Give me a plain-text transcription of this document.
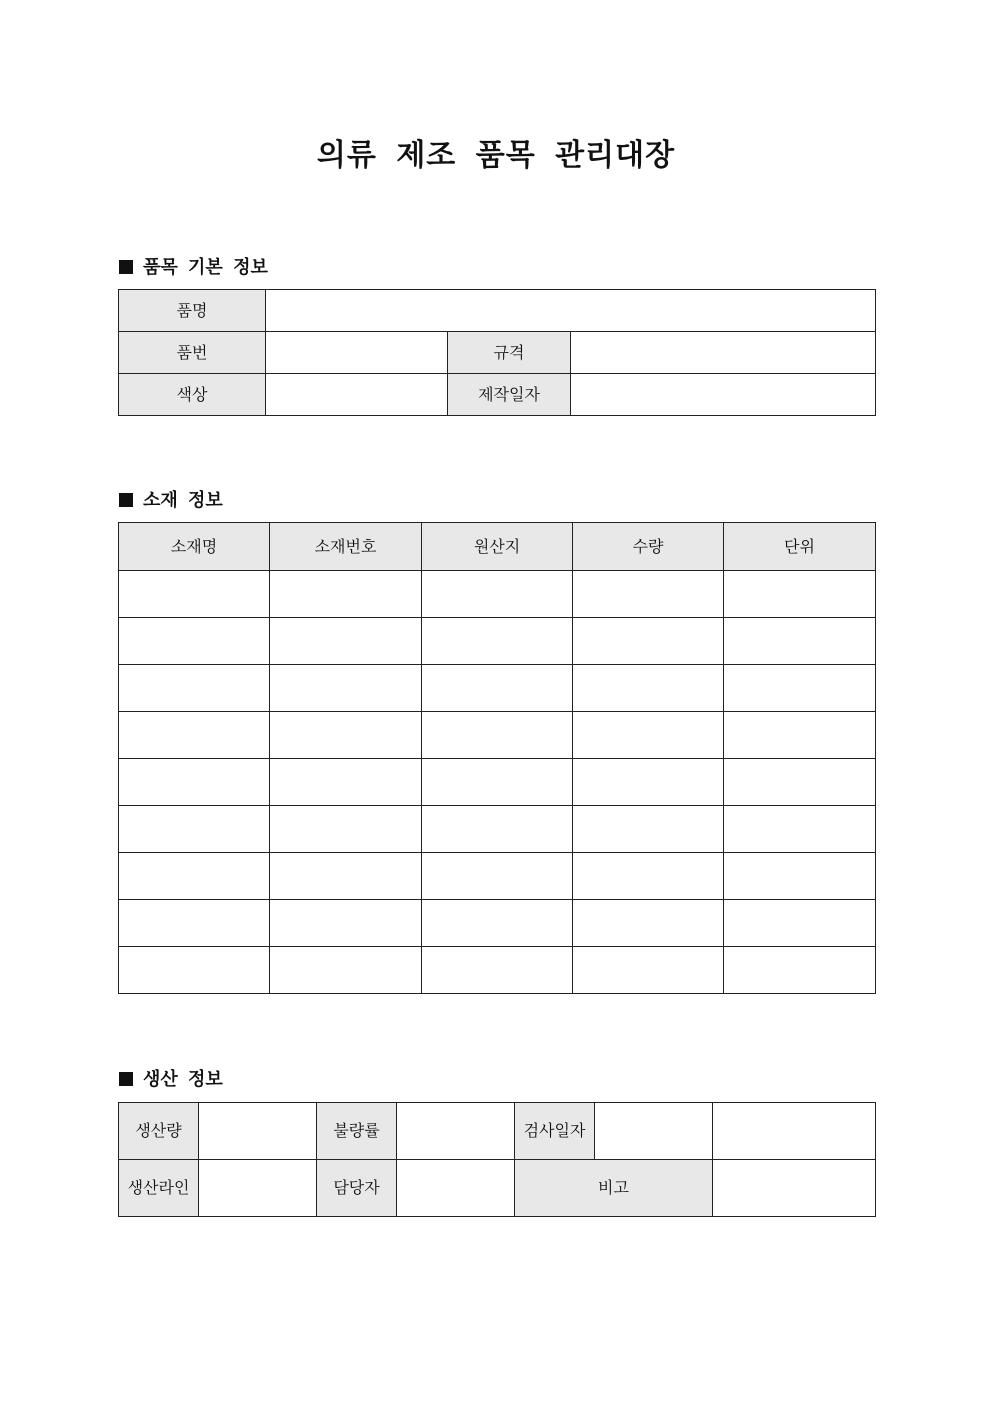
의류 제조 품목 관리대장
품목 기본 정보
품명			
품번		규격	
색상		제작일자	
소재 정보
소재명	소재번호	원산지	수량	단위

생산 정보
생산량		불량률		검사일자		
생산라인		담당자		비고		
